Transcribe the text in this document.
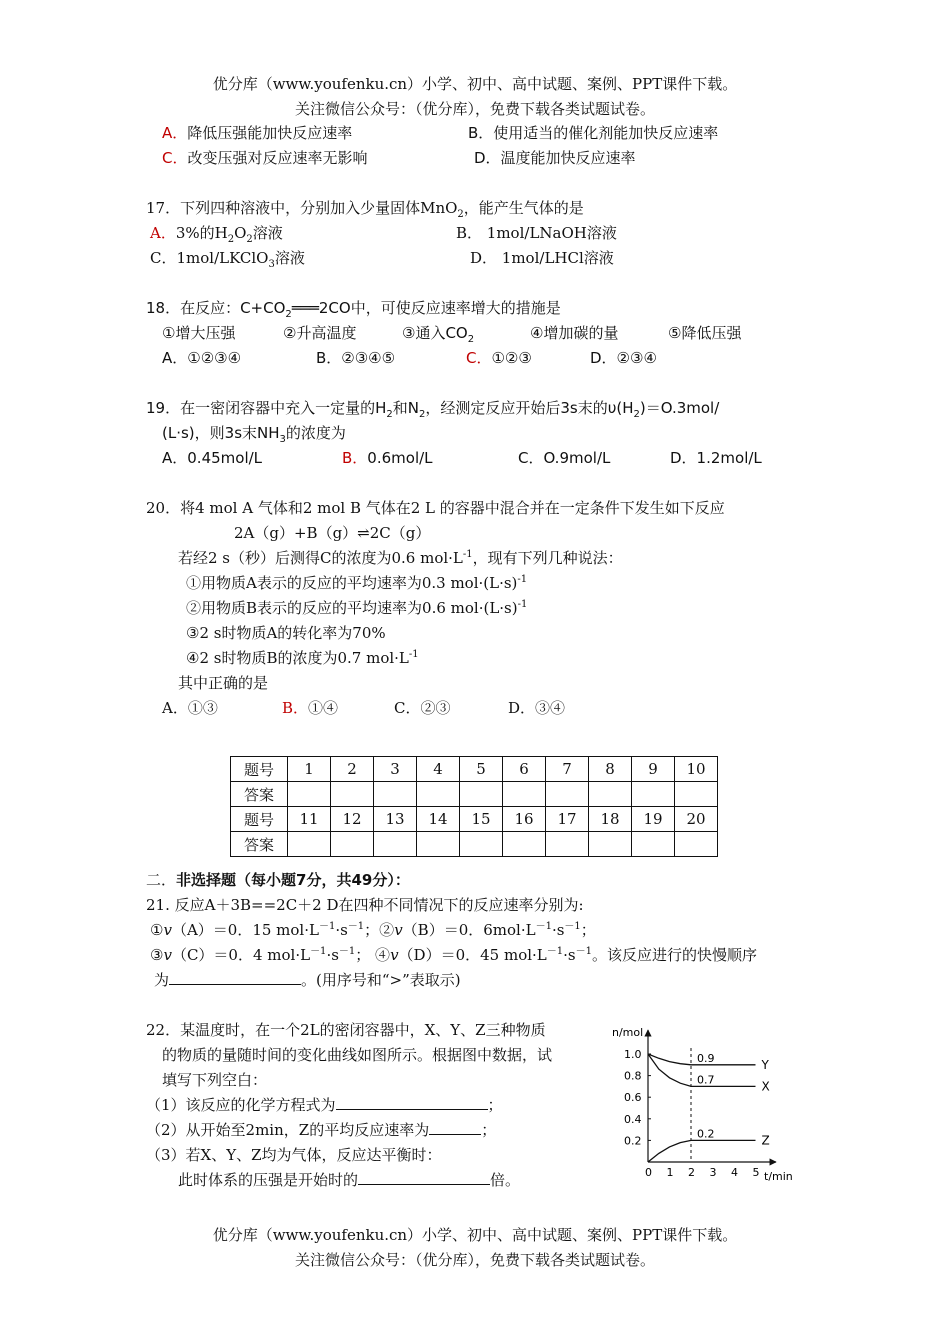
优分库（www.youfenku.cn）小学、初中、高中试题、案例、PPT课件下载。
关注微信公众号：（优分库），免费下载各类试题试卷。
A．降低压强能加快反应速率	B．使用适当的催化剂能加快反应速率
C．改变压强对反应速率无影响	D．温度能加快反应速率
17．下列四种溶液中，分别加入少量固体MnO$_2$，能产生气体的是
A．3%的$H_2O_2$溶液	B． 1mol/LNaOH溶液
C．1mol/LKClO$_3$溶液	D． 1mol/LHCl溶液
18．在反应：$C+CO_2═══2CO$中，可使反应速率增大的措施是
①增大压强	②升高温度	③通入$CO_2$	④增加碳的量	⑤降低压强
A．①②③④	B．②③④⑤	C．①②③	D．②③④
19．在一密闭容器中充入一定量的$H_2$和$N_2$，经测定反应开始后3s末的$\upsilon(H_2)=O.3mol/$
(L·s)，则3s末$NH_3$的浓度为
A．0.45mol/L	B．0.6mol/L	C．O.9mol/L	D．1.2mol/L
20．将4 mol A 气体和2 mol B 气体在2 L 的容器中混合并在一定条件下发生如下反应
2A（g）+B（g）⇌2C（g）
若经2 s（秒）后测得C的浓度为0.6 $mol\cdot L^{-1}$，现有下列几种说法：
①用物质A表示的反应的平均速率为0.3 $mol\cdot(L\cdot s)^{-1}$
②用物质B表示的反应的平均速率为0.6 $mol\cdot(L\cdot s)^{-1}$
③2 s时物质A的转化率为70%
④2 s时物质B的浓度为0.7 $mol\cdot L^{-1}$
其中正确的是
A．①③	B．①④	C．②③	D．③④
题号	1	2	3	4	5	6	7	8	9	10
答案										
题号	11	12	13	14	15	16	17	18	19	20
答案										
二．非选择题（每小题7分，共49分）：
21. 反应A＋3B==2C＋2 D在四种不同情况下的反应速率分别为:
①v（A）＝0．15 $mol\cdot L^{-1}\cdot s^{-1}$；②v（B）＝0．$6mol\cdot L^{-1}\cdot s^{-1}$；
③v（C）＝0．4 $mol\cdot L^{-1}\cdot s^{-1}$； ④v（D）＝0．45 $mol\cdot L^{-1}\cdot s^{-1}$。该反应进行的快慢顺序
为	。(用序号和“>”表取示)
22．某温度时，在一个2L的密闭容器中，X、Y、Z三种物质
的物质的量随时间的变化曲线如图所示。根据图中数据，试
填写下列空白：
（1）该反应的化学方程式为	；
（2）从开始至2min，Z的平均反应速率为	；
（3）若X、Y、Z均为气体，反应达平衡时：
此时体系的压强是开始时的	倍。
n/mol
t/min
0 1 2 3 4 5
0.2
0.4
0.6
0.8
1.0
Y
0.9
X
0.7
Z
0.2
优分库（www.youfenku.cn）小学、初中、高中试题、案例、PPT课件下载。
关注微信公众号：（优分库），免费下载各类试题试卷。
